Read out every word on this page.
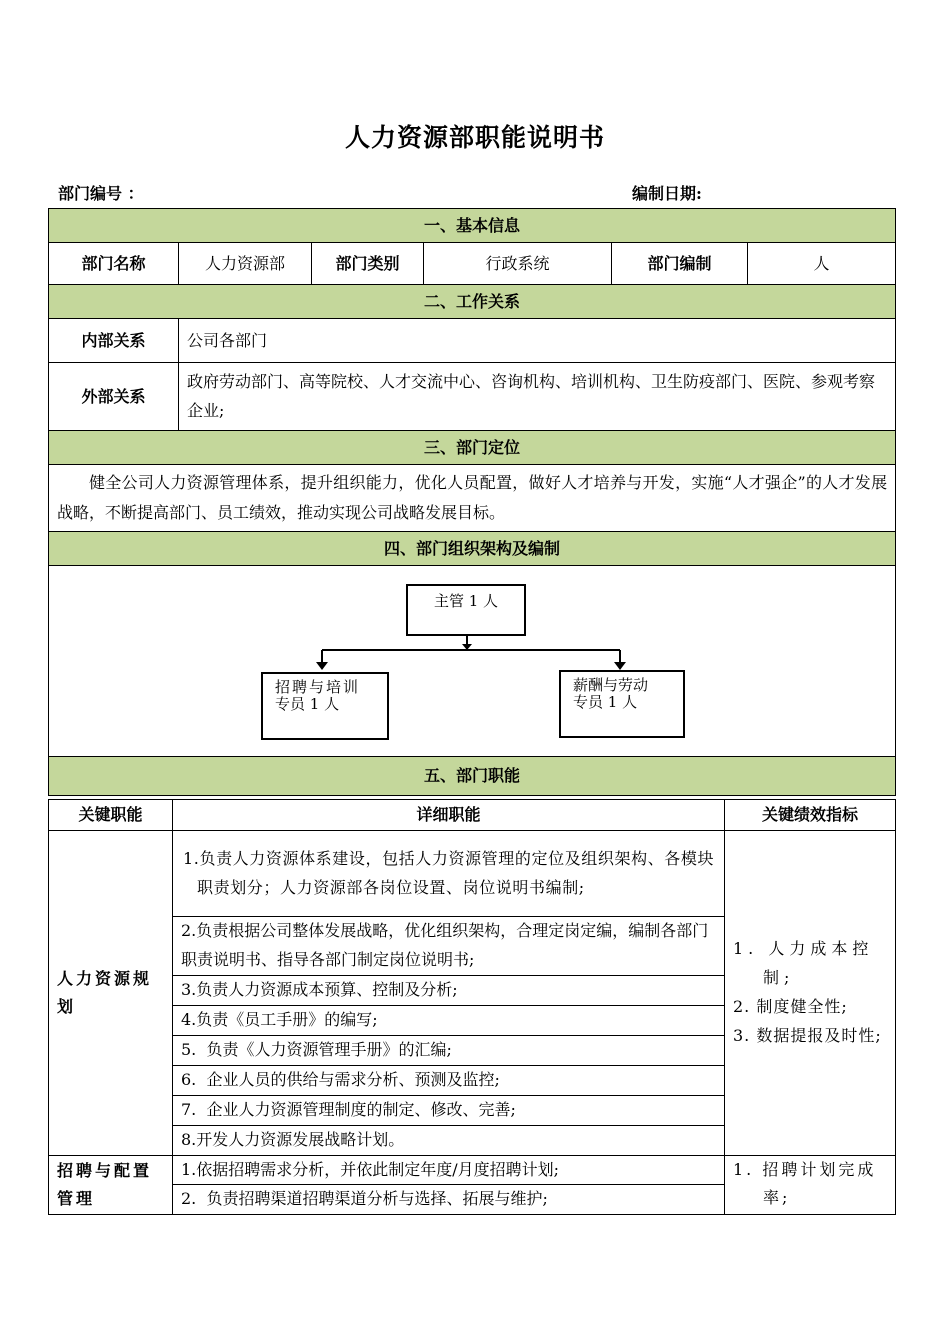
人力资源部职能说明书
部门编号 ：	编制日期:
一、基本信息					
部门名称	人力资源部	部门类别	行政系统	部门编制	人
二、工作关系					
内部关系	公司各部门				
外部关系	政府劳动部门、高等院校、人才交流中心、咨询机构、培训机构、卫生防疫部门、医院、参观考察企业;				
三、部门定位					
健全公司人力资源管理体系，提升组织能力，优化人员配置，做好人才培养与开发，实施“人才强企”的人才发展战略，不断提高部门、员工绩效，推动实现公司战略发展目标。					
四、部门组织架构及编制					

主管 1 人
招聘与培训
专员 1 人
薪酬与劳动
专员 1 人					

五、部门职能					
关键职能	详细职能	关键绩效指标
人力资源规划	1.负责人力资源体系建设，包括人力资源管理的定位及组织架构、各模块职责划分；人力资源部各岗位设置、岗位说明书编制;	1. 人力成本控制;
2. 制度健全性;
3. 数据提报及时性;

	2.负责根据公司整体发展战略，优化组织架构，合理定岗定编，编制各部门职责说明书、指导各部门制定岗位说明书;	
	3.负责人力资源成本预算、控制及分析;	
	4.负责《员工手册》的编写;	
	5.  负责《人力资源管理手册》的汇编;	
	6.  企业人员的供给与需求分析、预测及监控;	
	7.  企业人力资源管理制度的制定、修改、完善;	
	8.开发人力资源发展战略计划。	
招聘与配置管理	1.依据招聘需求分析，并依此制定年度/月度招聘计划;	1. 招聘计划完成率;

	2.  负责招聘渠道招聘渠道分析与选择、拓展与维护;	
